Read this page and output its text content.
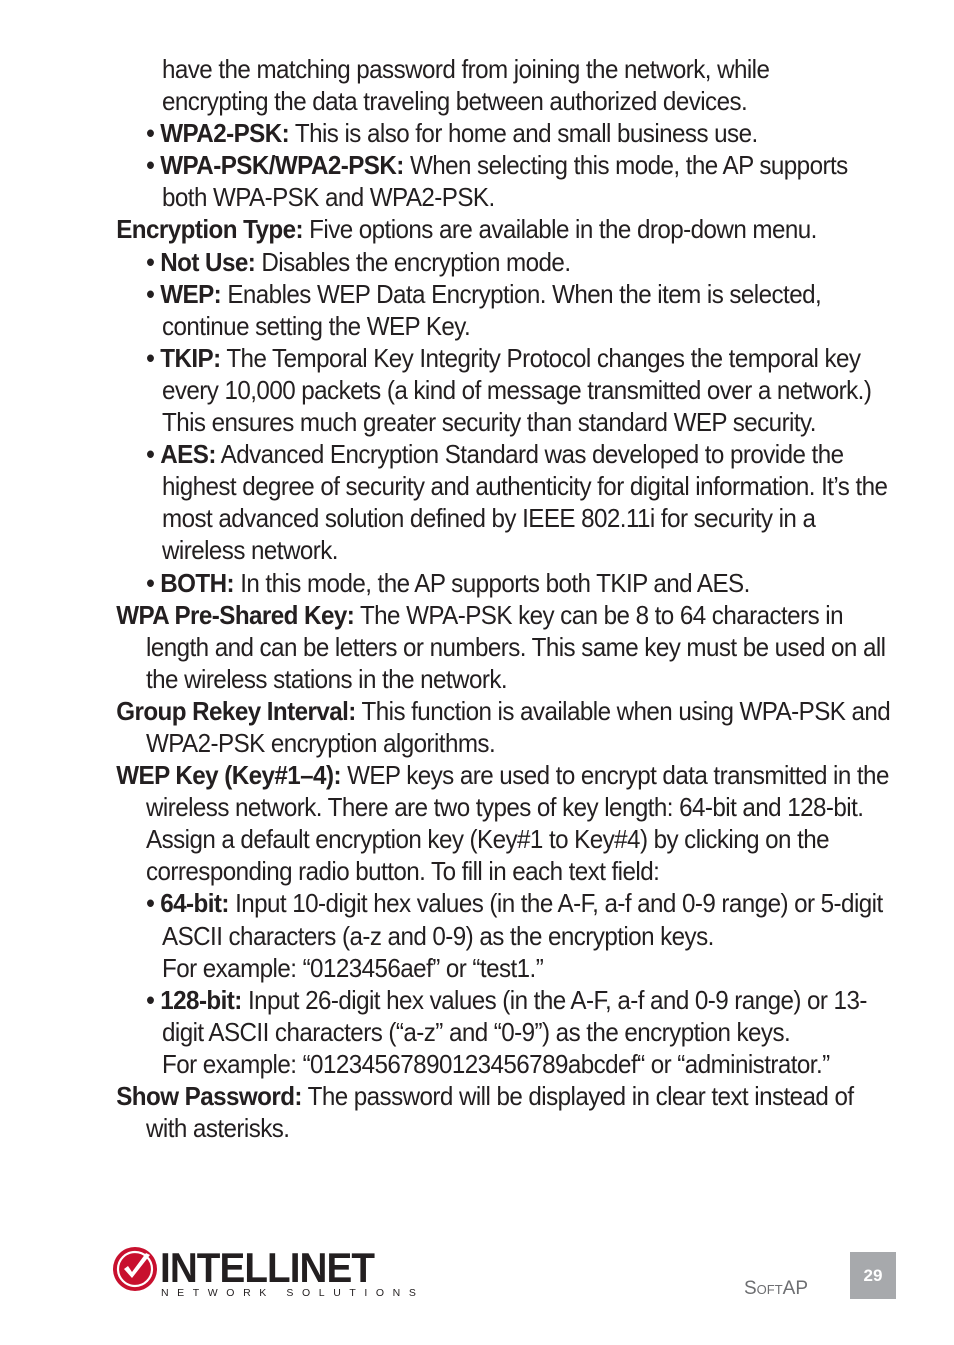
have the matching password from joining the network, while
encrypting the data traveling between authorized devices.
• WPA2-PSK: This is also for home and small business use.
• WPA-PSK/WPA2-PSK: When selecting this mode, the AP supports both WPA-PSK and WPA2-PSK.
Encryption Type: Five options are available in the drop-down menu.
• Not Use: Disables the encryption mode.
• WEP: Enables WEP Data Encryption. When the item is selected, continue setting the WEP Key.
• TKIP: The Temporal Key Integrity Protocol changes the temporal key every 10,000 packets (a kind of message transmitted over a network.) This ensures much greater security than standard WEP security.
• AES: Advanced Encryption Standard was developed to provide the highest degree of security and authenticity for digital information. It’s the most advanced solution defined by IEEE 802.11i for security in a wireless network.
• BOTH: In this mode, the AP supports both TKIP and AES.
WPA Pre-Shared Key: The WPA-PSK key can be 8 to 64 characters in length and can be letters or numbers. This same key must be used on all the wireless stations in the network.
Group Rekey Interval: This function is available when using WPA-PSK and WPA2-PSK encryption algorithms.
WEP Key (Key#1–4): WEP keys are used to encrypt data transmitted in the wireless network. There are two types of key length: 64-bit and 128-bit. Assign a default encryption key (Key#1 to Key#4) by clicking on the corresponding radio button. To fill in each text field:
• 64-bit: Input 10-digit hex values (in the A-F, a-f and 0-9 range) or 5-digit ASCII characters (a-z and 0-9) as the encryption keys.
For example: “0123456aef” or “test1.”
• 128-bit: Input 26-digit hex values (in the A-F, a-f and 0-9 range) or 13-digit ASCII characters (“a-z” and “0-9”) as the encryption keys.
For example: “01234567890123456789abcdef“ or “administrator.”
Show Password: The password will be displayed in clear text instead of with asterisks.
INTELLINET
NETWORK SOLUTIONS	SoftAP
29
